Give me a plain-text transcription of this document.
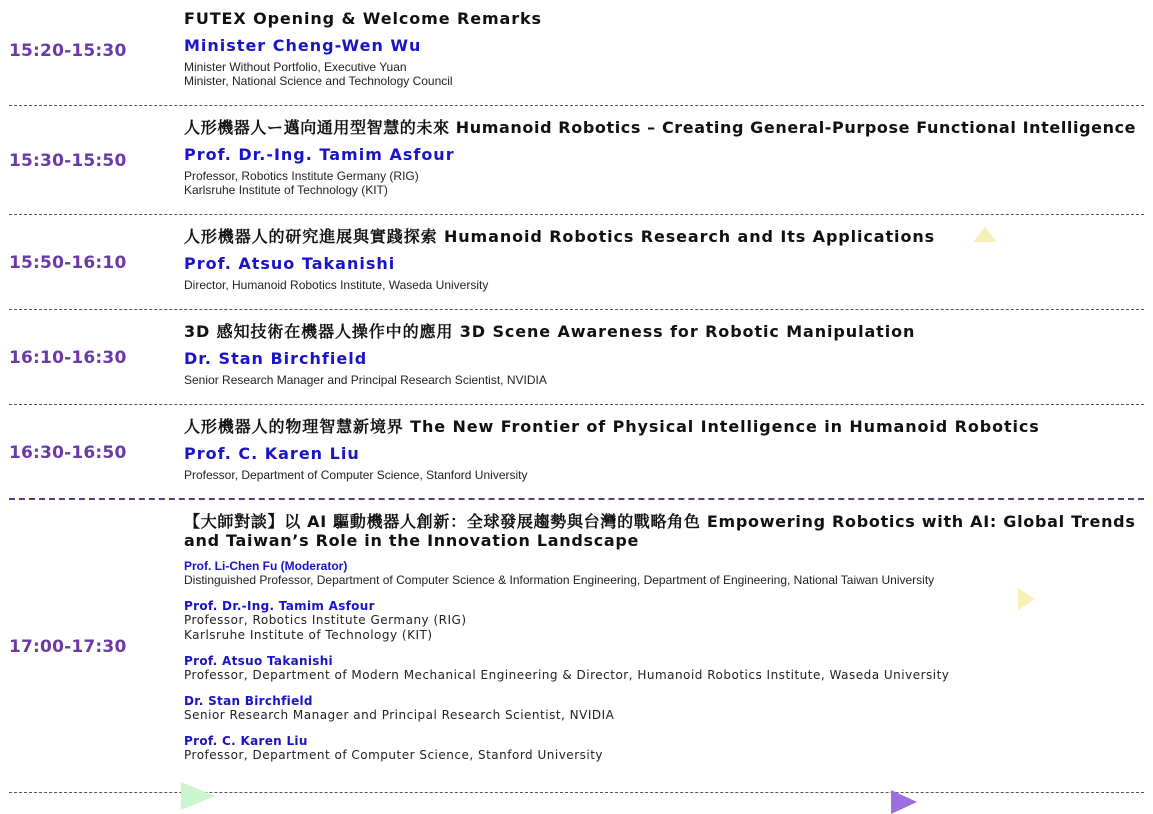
15:20-15:30
FUTEX Opening & Welcome Remarks
Minister Cheng-Wen Wu
Minister Without Portfolio, Executive Yuan
Minister, National Science and Technology Council
15:30-15:50
人形機器人ー邁向通用型智慧的未來 Humanoid Robotics – Creating General-Purpose Functional Intelligence
Prof. Dr.-Ing. Tamim Asfour
Professor, Robotics Institute Germany (RIG)
Karlsruhe Institute of Technology (KIT)
15:50-16:10
人形機器人的研究進展與實踐探索 Humanoid Robotics Research and Its Applications
Prof. Atsuo Takanishi
Director, Humanoid Robotics Institute, Waseda University
16:10-16:30
3D 感知技術在機器人操作中的應用 3D Scene Awareness for Robotic Manipulation
Dr. Stan Birchfield
Senior Research Manager and Principal Research Scientist, NVIDIA
16:30-16:50
人形機器人的物理智慧新境界 The New Frontier of Physical Intelligence in Humanoid Robotics
Prof. C. Karen Liu
Professor, Department of Computer Science, Stanford University
17:00-17:30
【大師對談】以 AI 驅動機器人創新：全球發展趨勢與台灣的戰略角色 Empowering Robotics with AI: Global Trends and Taiwan’s Role in the Innovation Landscape
Prof. Li-Chen Fu (Moderator)
Distinguished Professor, Department of Computer Science & Information Engineering, Department of Engineering, National Taiwan University
Prof. Dr.-Ing. Tamim Asfour
Professor, Robotics Institute Germany (RIG)
Karlsruhe Institute of Technology (KIT)
Prof. Atsuo Takanishi
Professor, Department of Modern Mechanical Engineering & Director, Humanoid Robotics Institute, Waseda University
Dr. Stan Birchfield
Senior Research Manager and Principal Research Scientist, NVIDIA
Prof. C. Karen Liu
Professor, Department of Computer Science, Stanford University
